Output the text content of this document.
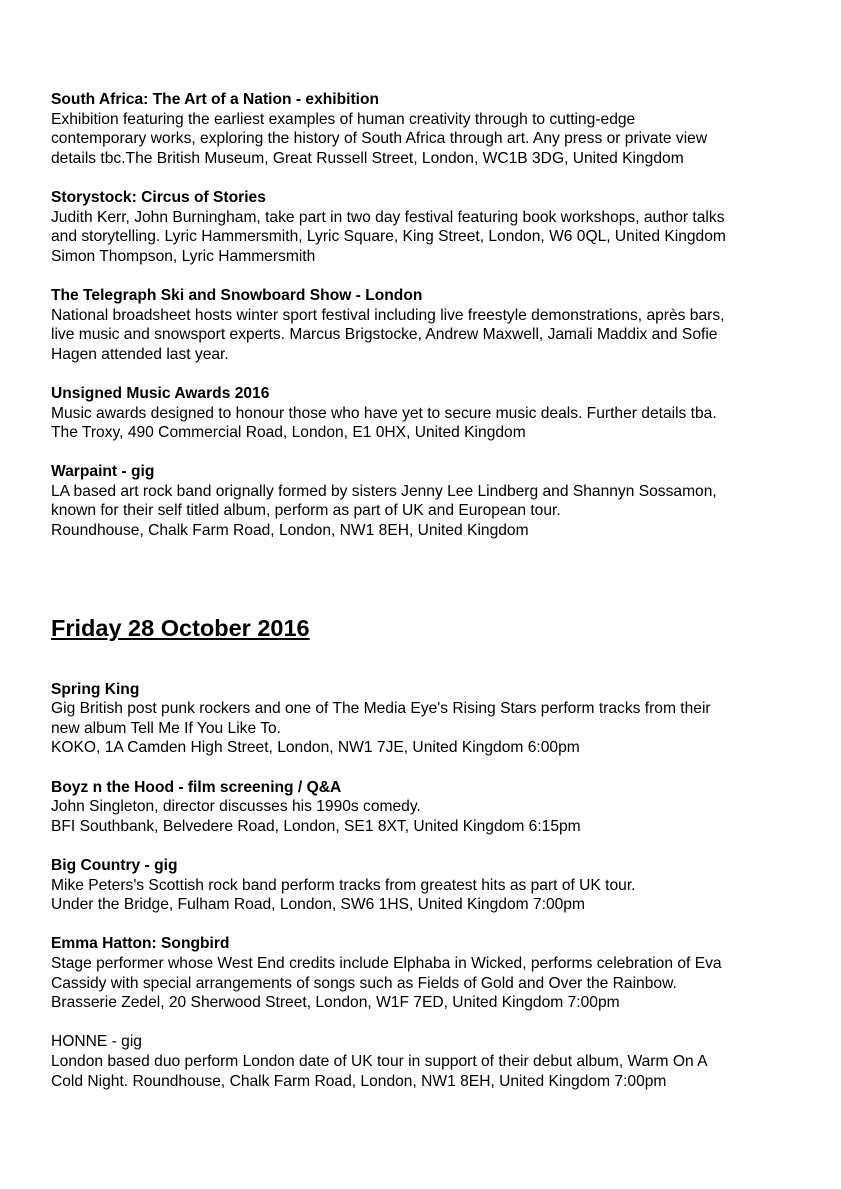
South Africa: The Art of a Nation - exhibition
Exhibition featuring the earliest examples of human creativity through to cutting-edge
contemporary works, exploring the history of South Africa through art. Any press or private view
details tbc.The British Museum, Great Russell Street, London, WC1B 3DG, United Kingdom
Storystock: Circus of Stories
Judith Kerr, John Burningham, take part in two day festival featuring book workshops, author talks
and storytelling. Lyric Hammersmith, Lyric Square, King Street, London, W6 0QL, United Kingdom
Simon Thompson, Lyric Hammersmith
The Telegraph Ski and Snowboard Show - London
National broadsheet hosts winter sport festival including live freestyle demonstrations, après bars,
live music and snowsport experts. Marcus Brigstocke, Andrew Maxwell, Jamali Maddix and Sofie
Hagen attended last year.
Unsigned Music Awards 2016
Music awards designed to honour those who have yet to secure music deals. Further details tba.
The Troxy, 490 Commercial Road, London, E1 0HX, United Kingdom
Warpaint - gig
LA based art rock band orignally formed by sisters Jenny Lee Lindberg and Shannyn Sossamon,
known for their self titled album, perform as part of UK and European tour.
Roundhouse, Chalk Farm Road, London, NW1 8EH, United Kingdom
Friday 28 October 2016
Spring King
Gig British post punk rockers and one of The Media Eye's Rising Stars perform tracks from their
new album Tell Me If You Like To.
KOKO, 1A Camden High Street, London, NW1 7JE, United Kingdom 6:00pm
Boyz n the Hood - film screening / Q&A
John Singleton, director discusses his 1990s comedy.
BFI Southbank, Belvedere Road, London, SE1 8XT, United Kingdom 6:15pm
Big Country - gig
Mike Peters's Scottish rock band perform tracks from greatest hits as part of UK tour.
Under the Bridge, Fulham Road, London, SW6 1HS, United Kingdom 7:00pm
Emma Hatton: Songbird
Stage performer whose West End credits include Elphaba in Wicked, performs celebration of Eva
Cassidy with special arrangements of songs such as Fields of Gold and Over the Rainbow.
Brasserie Zedel, 20 Sherwood Street, London, W1F 7ED, United Kingdom 7:00pm
HONNE - gig
London based duo perform London date of UK tour in support of their debut album, Warm On A
Cold Night. Roundhouse, Chalk Farm Road, London, NW1 8EH, United Kingdom 7:00pm
